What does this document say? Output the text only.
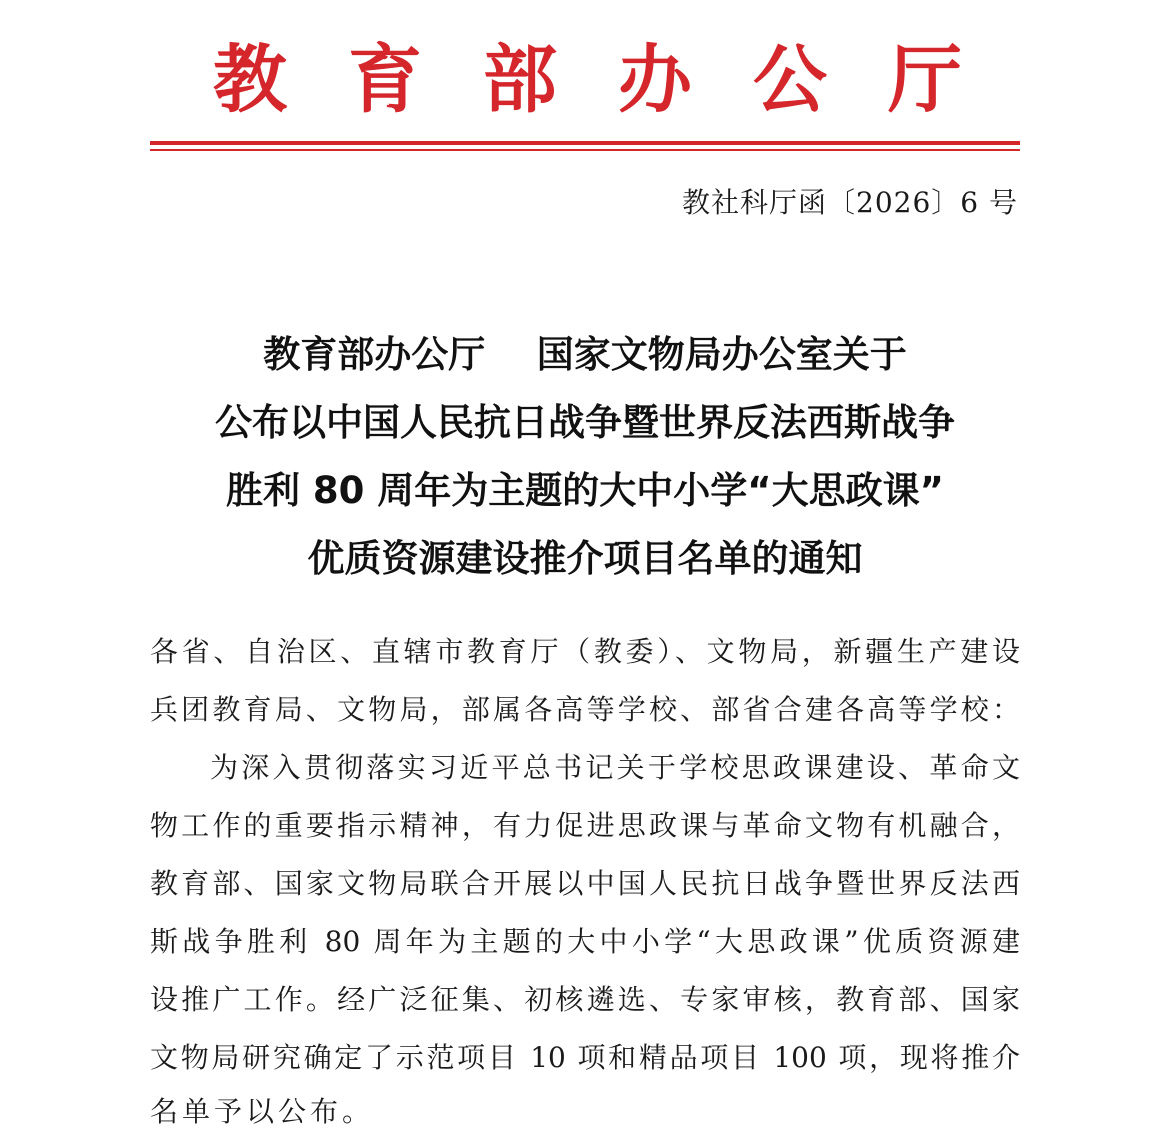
教 育 部 办 公 厅
教社科厅函〔2026〕6 号
教育部办公厅    国家文物局办公室关于
公布以中国人民抗日战争暨世界反法西斯战争
胜利 80 周年为主题的大中小学“大思政课”
优质资源建设推介项目名单的通知
各省、自治区、直辖市教育厅（教委）、文物局，新疆生产建设
兵团教育局、文物局，部属各高等学校、部省合建各高等学校：
为深入贯彻落实习近平总书记关于学校思政课建设、革命文
物工作的重要指示精神，有力促进思政课与革命文物有机融合，
教育部、国家文物局联合开展以中国人民抗日战争暨世界反法西
斯战争胜利 80 周年为主题的大中小学“大思政课”优质资源建
设推广工作。经广泛征集、初核遴选、专家审核，教育部、国家
文物局研究确定了示范项目 10 项和精品项目 100 项，现将推介
名单予以公布。
